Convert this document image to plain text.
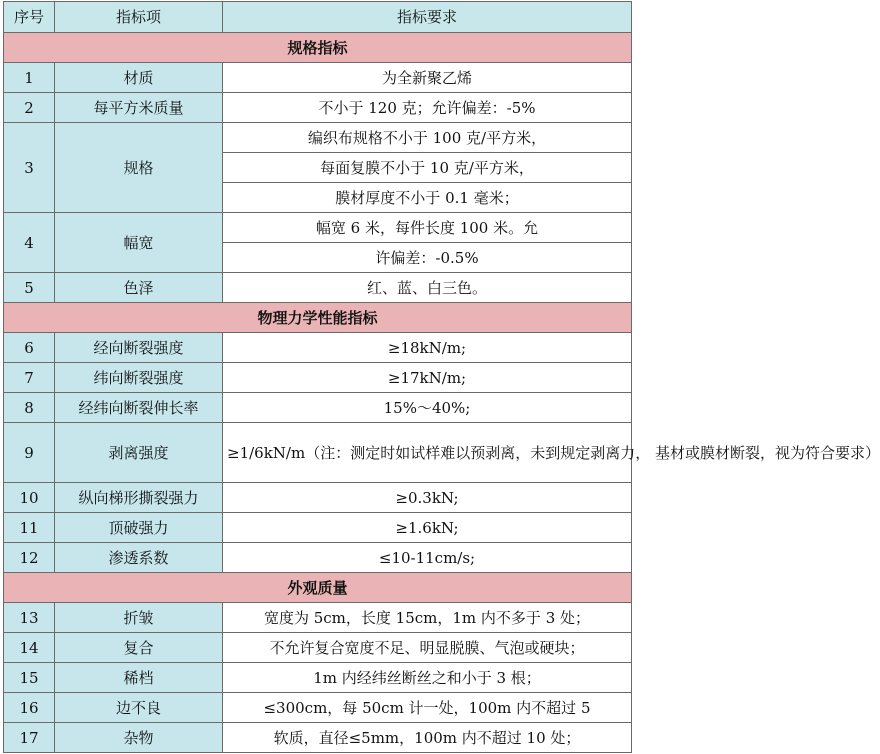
序号	指标项	指标要求
规格指标		
1	材质	为全新聚乙烯
2	每平方米质量	不小于 120 克；允许偏差：-5%
3	规格	编织布规格不小于 100 克/平方米，
		每面复膜不小于 10 克/平方米，
		膜材厚度不小于 0.1 毫米；
4	幅宽	幅宽 6 米，每件长度 100 米。允
		许偏差：-0.5%
5	色泽	红、蓝、白三色。
物理力学性能指标		
6	经向断裂强度	≥18kN/m;
7	纬向断裂强度	≥17kN/m;
8	经纬向断裂伸长率	15%～40%;
9	剥离强度	≥1/6kN/m（注：测定时如试样难以预剥离，未到规定剥离力， 基材或膜材断裂，视为符合要求）
10	纵向梯形撕裂强力	≥0.3kN;
11	顶破强力	≥1.6kN;
12	渗透系数	≤10-11cm/s;
外观质量		
13	折皱	宽度为 5cm，长度 15cm，1m 内不多于 3 处；
14	复合	不允许复合宽度不足、明显脱膜、气泡或硬块；
15	稀档	1m 内经纬丝断丝之和小于 3 根；
16	边不良	≤300cm，每 50cm 计一处，100m 内不超过 5
17	杂物	软质，直径≤5mm，100m 内不超过 10 处；
